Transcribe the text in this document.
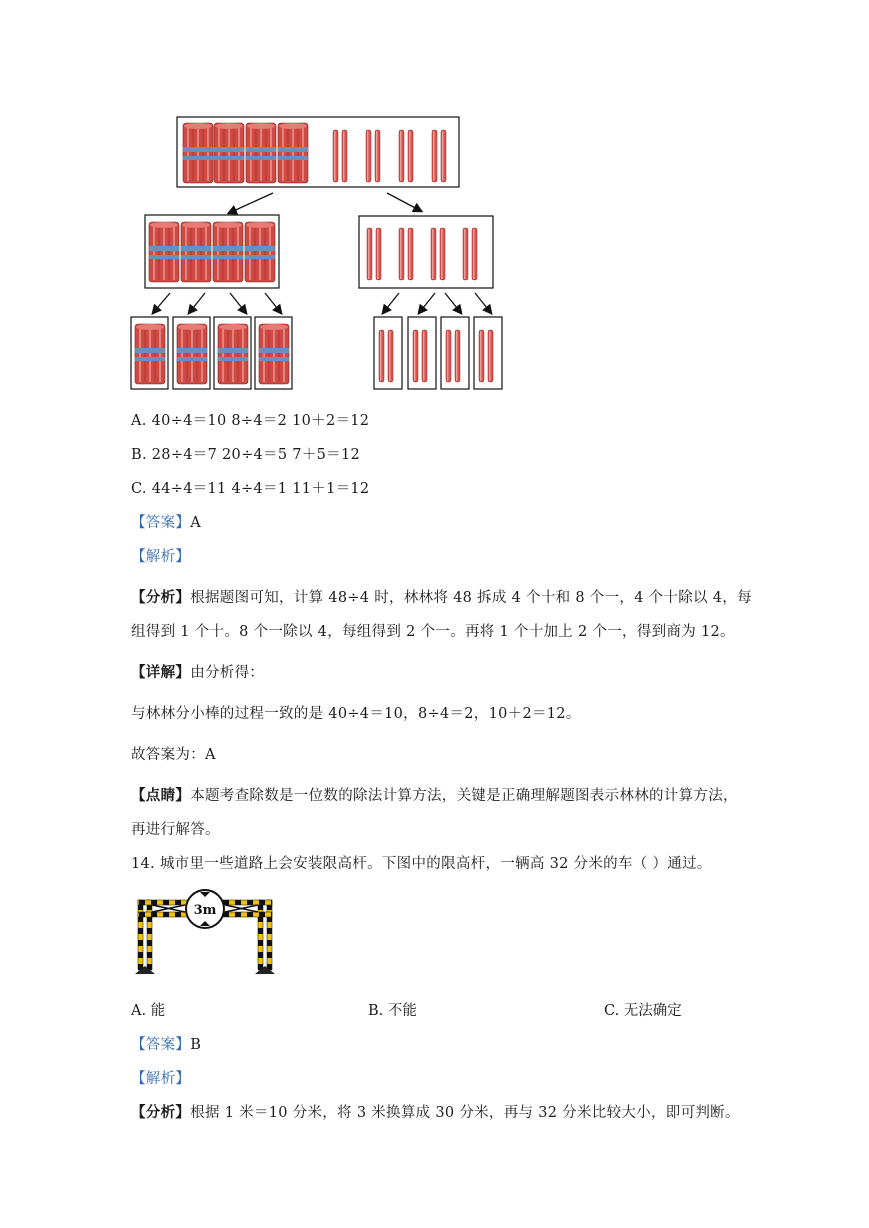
A. 40÷4＝10 8÷4＝2 10＋2＝12
B. 28÷4＝7 20÷4＝5 7＋5＝12
C. 44÷4＝11 4÷4＝1 11＋1＝12
【答案】A
【解析】
【分析】根据题图可知，计算 48÷4 时，林林将 48 拆成 4 个十和 8 个一，4 个十除以 4，每
组得到 1 个十。8 个一除以 4，每组得到 2 个一。再将 1 个十加上 2 个一，得到商为 12。
【详解】由分析得：
与林林分小棒的过程一致的是 40÷4＝10，8÷4＝2，10＋2＝12。
故答案为：A
【点睛】本题考查除数是一位数的除法计算方法，关键是正确理解题图表示林林的计算方法，
再进行解答。
14. 城市里一些道路上会安装限高杆。下图中的限高杆，一辆高 32 分米的车（ ）通过。
3m
A. 能	B. 不能	C. 无法确定
【答案】B
【解析】
【分析】根据 1 米＝10 分米，将 3 米换算成 30 分米，再与 32 分米比较大小，即可判断。
